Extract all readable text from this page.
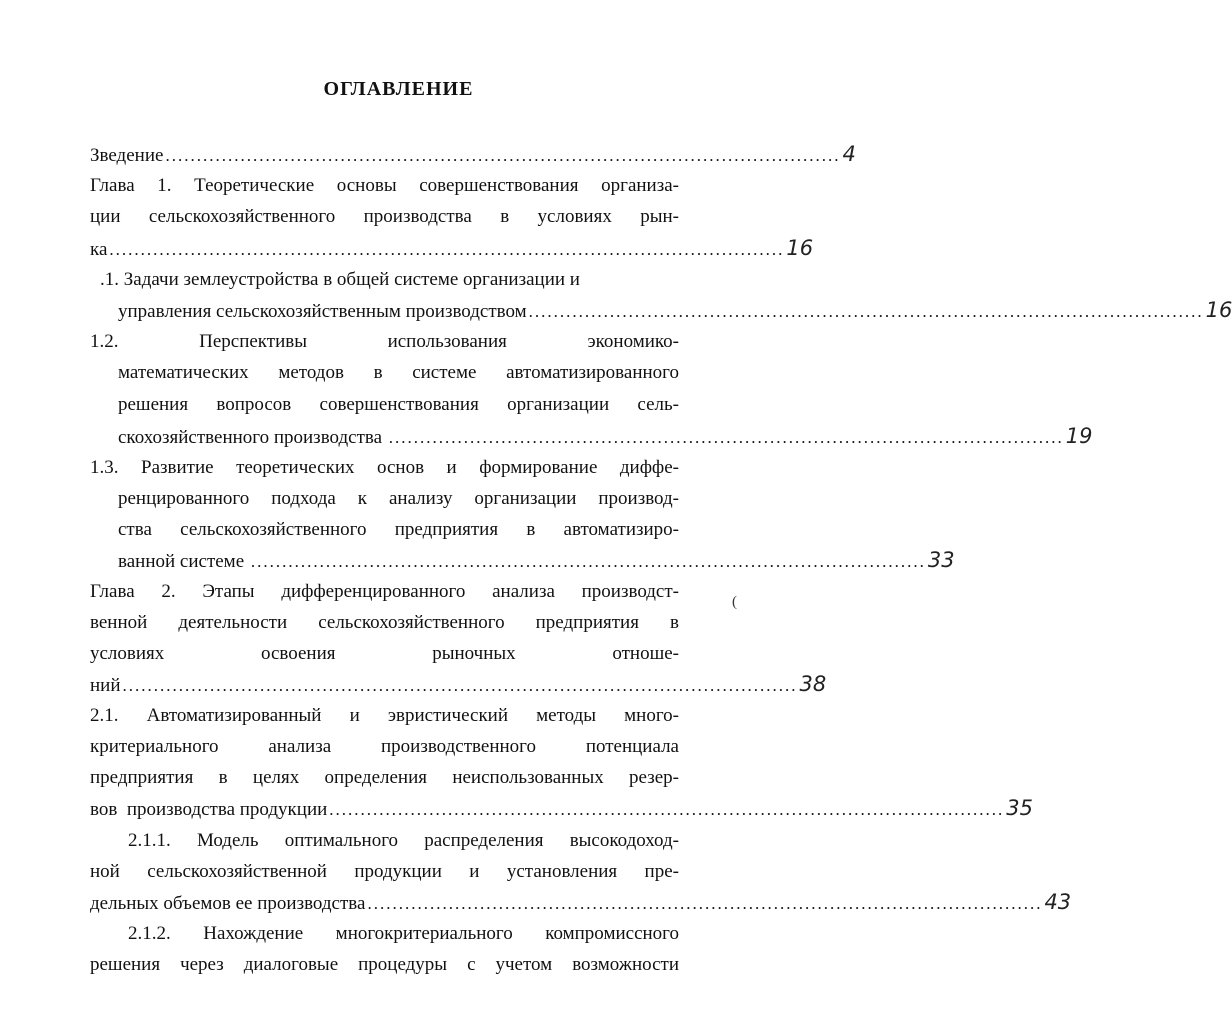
ОГЛАВЛЕНИЕ
Зведение ............................................................................................................ 4
Глава 1. Теоретические основы совершенствования организа-
ции сельскохозяйственного производства в условиях рын-
ка ............................................................................................................ 16
.1. Задачи землеустройства в общей системе организации и
управления сельскохозяйственным производством ............................................................................................................ 16
1.2. Перспективы использования экономико-
математических методов в системе автоматизированного
решения вопросов совершенствования организации сель-
скохозяйственного производства ............................................................................................................ 19
1.3. Развитие теоретических основ и формирование диффе-
ренцированного подхода к анализу организации производ-
ства сельскохозяйственного предприятия в автоматизиро-
ванной системе ............................................................................................................ 33
Глава 2. Этапы дифференцированного анализа производст-
венной деятельности сельскохозяйственного предприятия в
условиях освоения рыночных отноше-
ний ............................................................................................................ 38
2.1. Автоматизированный и эвристический методы много-
критериального анализа производственного потенциала
предприятия в целях определения неиспользованных резер-
вов  производства продукции ............................................................................................................ 35
2.1.1. Модель оптимального распределения высокодоход-
ной сельскохозяйственной продукции и установления пре-
дельных объемов ее производства ............................................................................................................ 43
2.1.2. Нахождение многокритериального компромиссного
решения через диалоговые процедуры с учетом возможности
(
